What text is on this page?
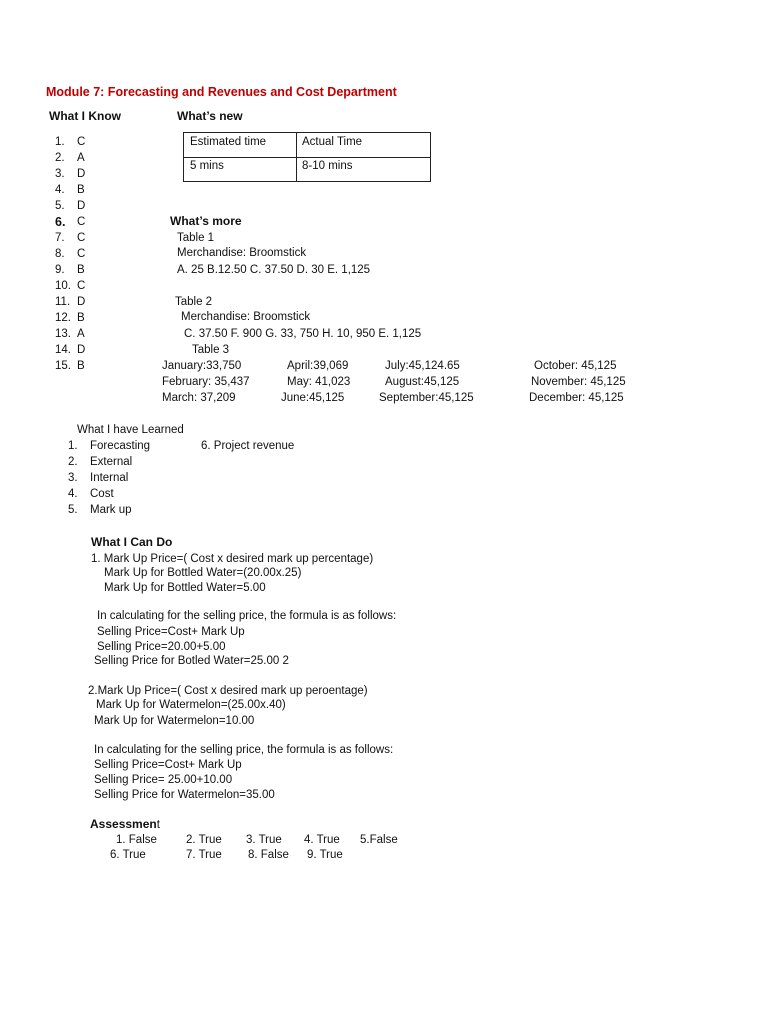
Module 7: Forecasting and Revenues and Cost Department
What I Know	What’s new
1. C
2. A
3. D
4. B
5. D
6. C
7. C
8. C
9. B
10. C
11. D
12. B
13. A
14. D
15. B
Estimated time	Actual Time
5 mins	8-10 mins
What’s more
Table 1
Merchandise: Broomstick
A. 25 B.12.50 C. 37.50 D. 30 E. 1,125
Table 2
Merchandise: Broomstick
C. 37.50 F. 900 G. 33, 750 H. 10, 950 E. 1,125
Table 3
January:33,750	April:39,069	July:45,124.65	October: 45,125
February: 35,437	May: 41,023	August:45,125	November: 45,125
March: 37,209	June:45,125	September:45,125	December: 45,125
What I have Learned
1. Forecasting
2. External
3. Internal
4. Cost
5. Mark up
6. Project revenue
What I Can Do
1. Mark Up Price=( Cost x desired mark up percentage)
Mark Up for Bottled Water=(20.00x.25)
Mark Up for Bottled Water=5.00
In calculating for the selling price, the formula is as follows:
Selling Price=Cost+ Mark Up
Selling Price=20.00+5.00
Selling Price for Botled Water=25.00 2
2.Mark Up Price=( Cost x desired mark up peroentage)
Mark Up for Watermelon=(25.00x.40)
Mark Up for Watermelon=10.00
In calculating for the selling price, the formula is as follows:
Selling Price=Cost+ Mark Up
Selling Price= 25.00+10.00
Selling Price for Watermelon=35.00
Assessment
1. False	2. True 3. True 4. True 5.False
6. True	7. True 8. False 9. True
